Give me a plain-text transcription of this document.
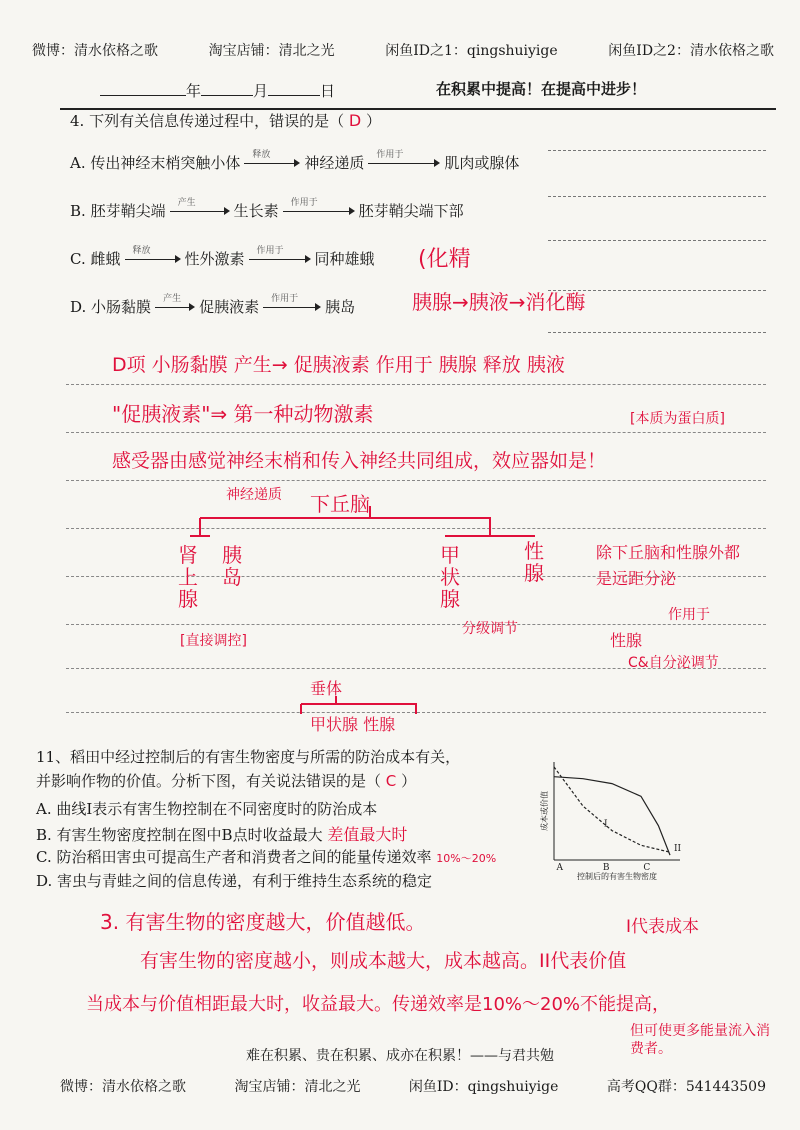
微博：清水依格之歌	淘宝店铺：清北之光	闲鱼ID之1：qingshuiyige	闲鱼ID之2：清水依格之歌
年	月	日	在积累中提高！在提高中进步！
4. 下列有关信息传递过程中，错误的是（ D ）
A.
传出神经末梢突触小体 释放 神经递质 作用于	肌肉或腺体
B.
胚芽鞘尖端 产生	生长素 作用于	胚芽鞘尖端下部
C.
雌蛾 释放 性外激素 作用于 同种雄蛾 (化精
D.
小肠黏膜 产生 促胰液素 作用于 胰岛	胰腺→胰液→消化酶
D项 小肠黏膜 产生→ 促胰液素 作用于 胰腺 释放 胰液
"促胰液素"⇒ 第一种动物激素	[本质为蛋白质]
感受器由感觉神经末梢和传入神经共同组成，效应器如是！
神经递质 下丘脑
肾上腺
胰岛
甲状腺
性腺
[直接调控]
分级调节
除下丘脑和性腺外都是远距分泌
作用于
性腺
C&自分泌调节
垂体
甲状腺 性腺
11、稻田中经过控制后的有害生物密度与所需的防治成本有关，
并影响作物的价值。分析下图，有关说法错误的是（ C ）
A. 曲线Ⅰ表示有害生物控制在不同密度时的防治成本
B. 有害生物密度控制在图中B点时收益最大 差值最大时
C. 防治稻田害虫可提高生产者和消费者之间的能量传递效率 10%～20%
D. 害虫与青蛙之间的信息传递，有利于维持生态系统的稳定
I
II
A	B	C
成本或价值
控制后的有害生物密度
3. 有害生物的密度越大，价值越低。	I代表成本
有害生物的密度越小，则成本越大，成本越高。II代表价值
当成本与价值相距最大时，收益最大。传递效率是10%～20%不能提高，
但可使更多能量流入消费者。
难在积累、贵在积累、成亦在积累！——与君共勉
微博：清水依格之歌	淘宝店铺：清北之光	闲鱼ID：qingshuiyige	高考QQ群：541443509
